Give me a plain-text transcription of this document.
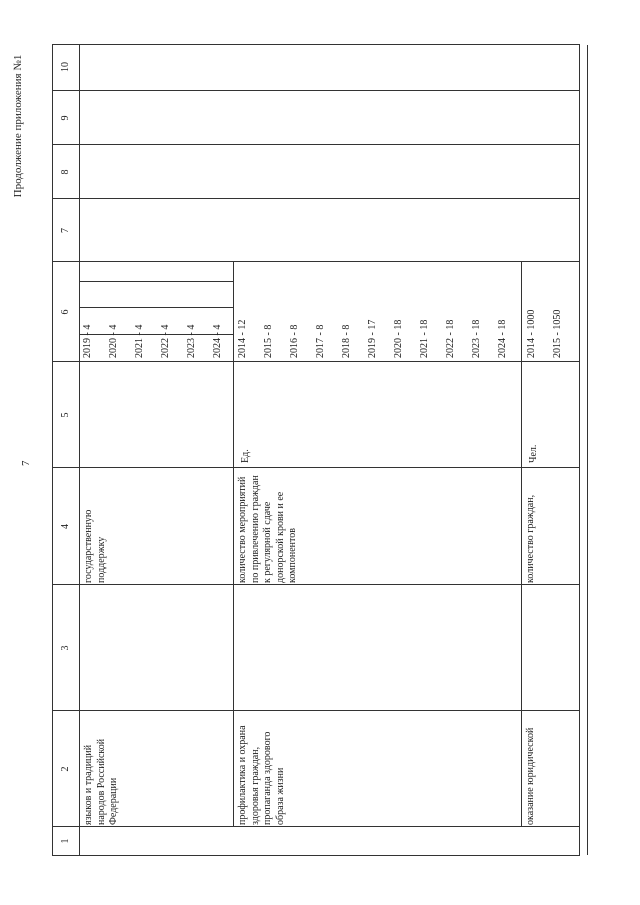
7
Продолжение приложения №1
1
2
3
4
5
6
7
8
9
10
языков и традиций народов Российской Федерации
государственную поддержку
2019 - 4 2020 - 4 2021 - 4 2022 - 4 2023 - 4 2024 - 4
профилактика и охрана здоровья граждан, пропаганда здорового образа жизни
количество мероприятий по привлечению граждан к регулярной сдаче донорской крови и ее компонентов
Ед.
2014 - 12 2015 - 8 2016 - 8 2017 - 8 2018 - 8 2019 - 17 2020 - 18 2021 - 18 2022 - 18 2023 - 18 2024 - 18
оказание юридической
количество граждан,
Чел.
2014 - 1000 2015 - 1050
